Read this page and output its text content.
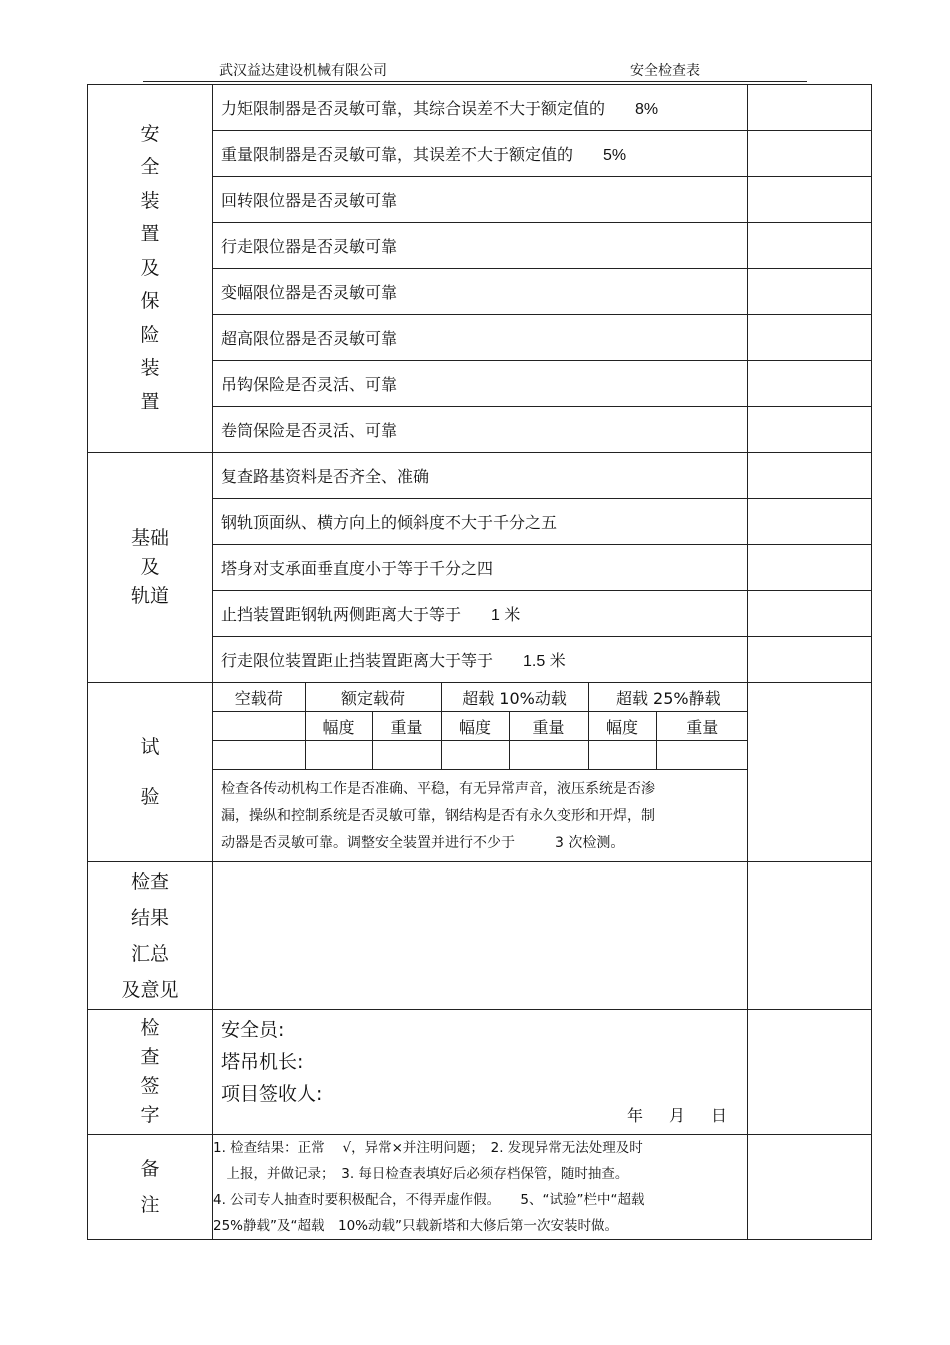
武汉益达建设机械有限公司	安全检查表
安
全
装
置
及
保
险
装
置
	力矩限制器是否灵敏可靠，其综合误差不大于额定值的 8%	
重量限制器是否灵敏可靠，其误差不大于额定值的 5%	
回转限位器是否灵敏可靠	
行走限位器是否灵敏可靠	
变幅限位器是否灵敏可靠	
超高限位器是否灵敏可靠	
吊钩保险是否灵活、可靠	
卷筒保险是否灵活、可靠	

基础
及
轨道
	复查路基资料是否齐全、准确	
钢轨顶面纵、横方向上的倾斜度不大于千分之五	
塔身对支承面垂直度小于等于千分之四	
止挡装置距钢轨两侧距离大于等于 1 米	
行走限位装置距止挡装置距离大于等于 1.5 米	

试
验

空载荷	额定载荷	超载 10%动载	超载 25%静载
	幅度	重量	幅度	重量	幅度	重量

检查各传动机构工作是否准确、平稳，有无异常声音，液压系统是否渗
漏，操纵和控制系统是否灵敏可靠，钢结构是否有永久变形和开焊，制
动器是否灵敏可靠。调整安全装置并进行不少于	3 次检测。

检查
结果
汇总
及意见

检
查
签
字

安全员:
塔吊机长:
项目签收人:
年 月 日

备
注

1. 检查结果：正常　 √，异常×并注明问题；　2. 发现异常无法处理及时

　上报，并做记录；　3. 每日检查表填好后必须存档保管，随时抽查。

4. 公司专人抽查时要积极配合，不得弄虚作假。　　5、“试验”栏中“超载

25%静载”及“超载　10%动载”只载新塔和大修后第一次安装时做。
